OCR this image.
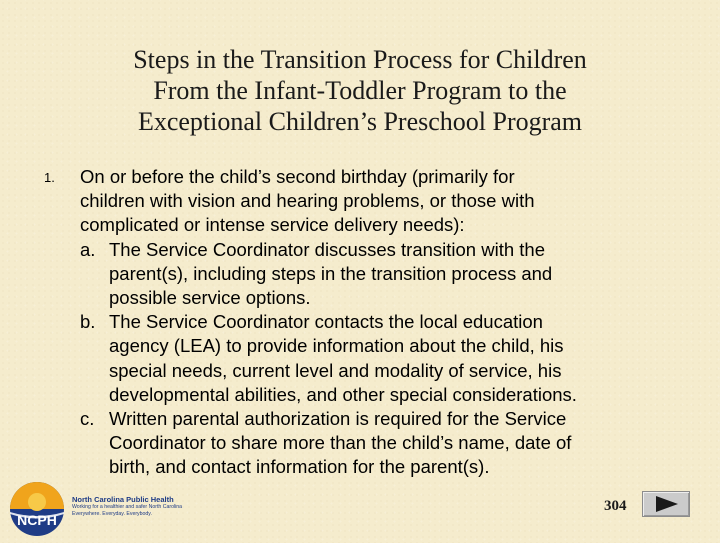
Steps in the Transition Process for Children
From the Infant-Toddler Program to the
Exceptional Children’s Preschool Program
1. On or before the child’s second birthday (primarily for
children with vision and hearing problems, or those with
complicated or intense service delivery needs):
a. The Service Coordinator discusses transition with the
parent(s), including steps in the transition process and
possible service options.
b. The Service Coordinator contacts the local education
agency (LEA) to provide information about the child, his
special needs, current level and modality of service, his
developmental abilities, and other special considerations.
c. Written parental authorization is required for the Service
Coordinator to share more than the child’s name, date of
birth, and contact information for the parent(s).
NCPH
North Carolina Public Health
Working for a healthier and safer North Carolina
Everywhere. Everyday. Everybody.	304
